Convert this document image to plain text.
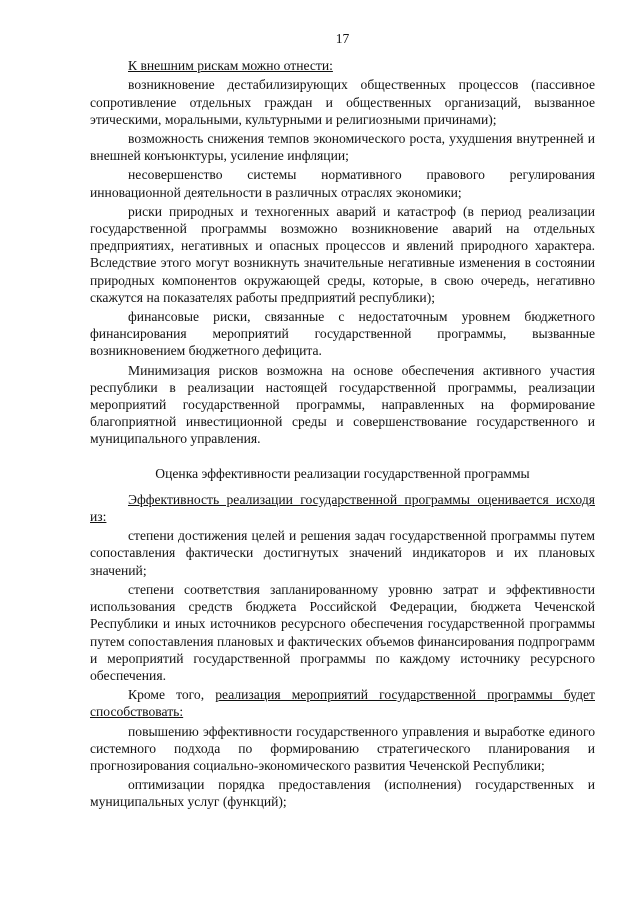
17

К внешним рискам можно отнести:

возникновение дестабилизирующих общественных процессов (пассивное сопротивление отдельных граждан и общественных организаций, вызванное этическими, моральными, культурными и религиозными причинами);

возможность снижения темпов экономического роста, ухудшения внутренней и внешней конъюнктуры, усиление инфляции;

несовершенство системы нормативного правового регулирования инновационной деятельности в различных отраслях экономики;

риски природных и техногенных аварий и катастроф (в период реализации государственной программы возможно возникновение аварий на отдельных предприятиях, негативных и опасных процессов и явлений природного характера. Вследствие этого могут возникнуть значительные негативные изменения в состоянии природных компонентов окружающей среды, которые, в свою очередь, негативно скажутся на показателях работы предприятий республики);

финансовые риски, связанные с недостаточным уровнем бюджетного финансирования мероприятий государственной программы, вызванные возникновением бюджетного дефицита.

Минимизация рисков возможна на основе обеспечения активного участия республики в реализации настоящей государственной программы, реализации мероприятий государственной программы, направленных на формирование благоприятной инвестиционной среды и совершенствование государственного и муниципального управления.

Оценка эффективности реализации государственной программы

Эффективность реализации государственной программы оценивается исходя из:

степени достижения целей и решения задач государственной программы путем сопоставления фактически достигнутых значений индикаторов и их плановых значений;

степени соответствия запланированному уровню затрат и эффективности использования средств бюджета Российской Федерации, бюджета Чеченской Республики и иных источников ресурсного обеспечения государственной программы путем сопоставления плановых и фактических объемов финансирования подпрограмм и мероприятий государственной программы по каждому источнику ресурсного обеспечения.

Кроме того, реализация мероприятий государственной программы будет способствовать:

повышению эффективности государственного управления и выработке единого системного подхода по формированию стратегического планирования и прогнозирования социально-экономического развития Чеченской Республики;

оптимизации порядка предоставления (исполнения) государственных и муниципальных услуг (функций);
